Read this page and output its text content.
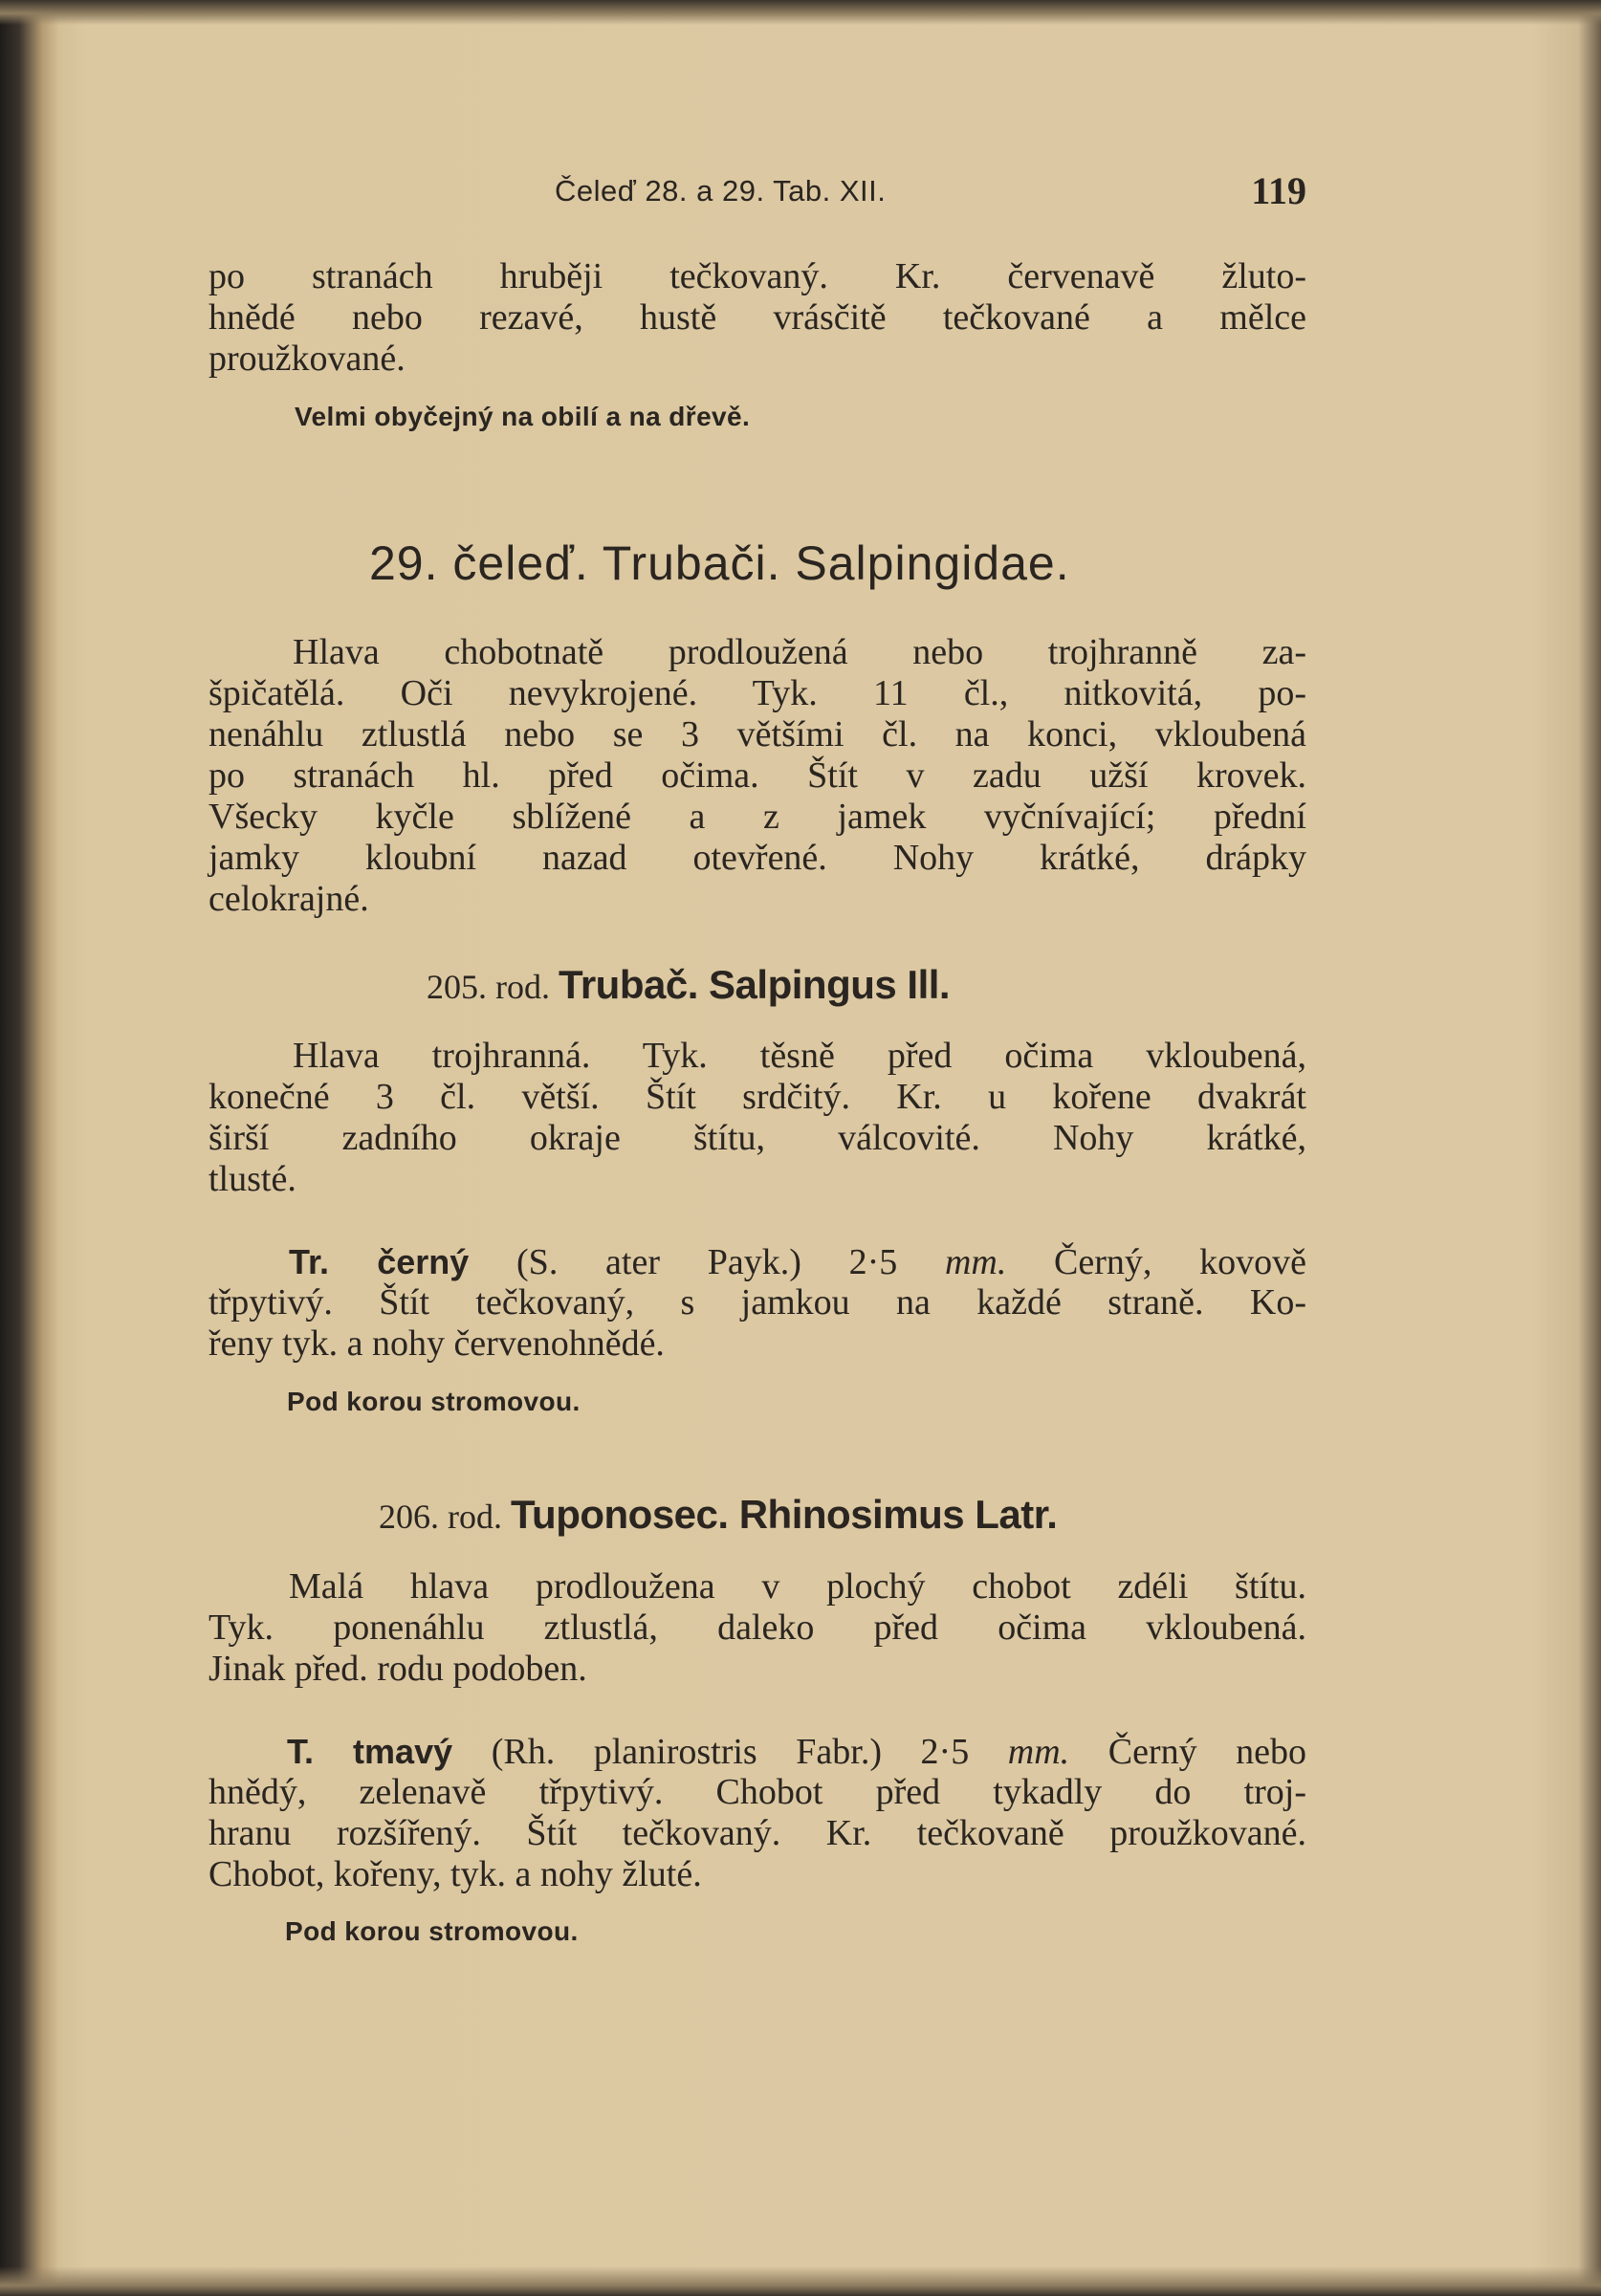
Čeleď 28. a 29. Tab. XII.	119
po stranách hruběji tečkovaný. Kr. červenavě žluto-
hnědé nebo rezavé, hustě vrásčitě tečkované a mělce
proužkované.
Velmi obyčejný na obilí a na dřevě.
29. čeleď. Trubači. Salpingidae.
Hlava chobotnatě prodloužená nebo trojhranně za-
špičatělá. Oči nevykrojené. Tyk. 11 čl., nitkovitá, po-
nenáhlu ztlustlá nebo se 3 většími čl. na konci, vkloubená
po stranách hl. před očima. Štít v zadu užší krovek.
Všecky kyčle sblížené a z jamek vyčnívající; přední
jamky kloubní nazad otevřené. Nohy krátké, drápky
celokrajné.
205. rod. Trubač. Salpingus Ill.
Hlava trojhranná. Tyk. těsně před očima vkloubená,
konečné 3 čl. větší. Štít srdčitý. Kr. u kořene dvakrát
širší zadního okraje štítu, válcovité. Nohy krátké,
tlusté.
Tr. černý (S. ater Payk.) 2·5 mm. Černý, kovově
třpytivý. Štít tečkovaný, s jamkou na každé straně. Ko-
řeny tyk. a nohy červenohnědé.
Pod korou stromovou.
206. rod. Tuponosec. Rhinosimus Latr.
Malá hlava prodloužena v plochý chobot zdéli štítu.
Tyk. ponenáhlu ztlustlá, daleko před očima vkloubená.
Jinak před. rodu podoben.
T. tmavý (Rh. planirostris Fabr.) 2·5 mm. Černý nebo
hnědý, zelenavě třpytivý. Chobot před tykadly do troj-
hranu rozšířený. Štít tečkovaný. Kr. tečkovaně proužkované.
Chobot, kořeny, tyk. a nohy žluté.
Pod korou stromovou.
